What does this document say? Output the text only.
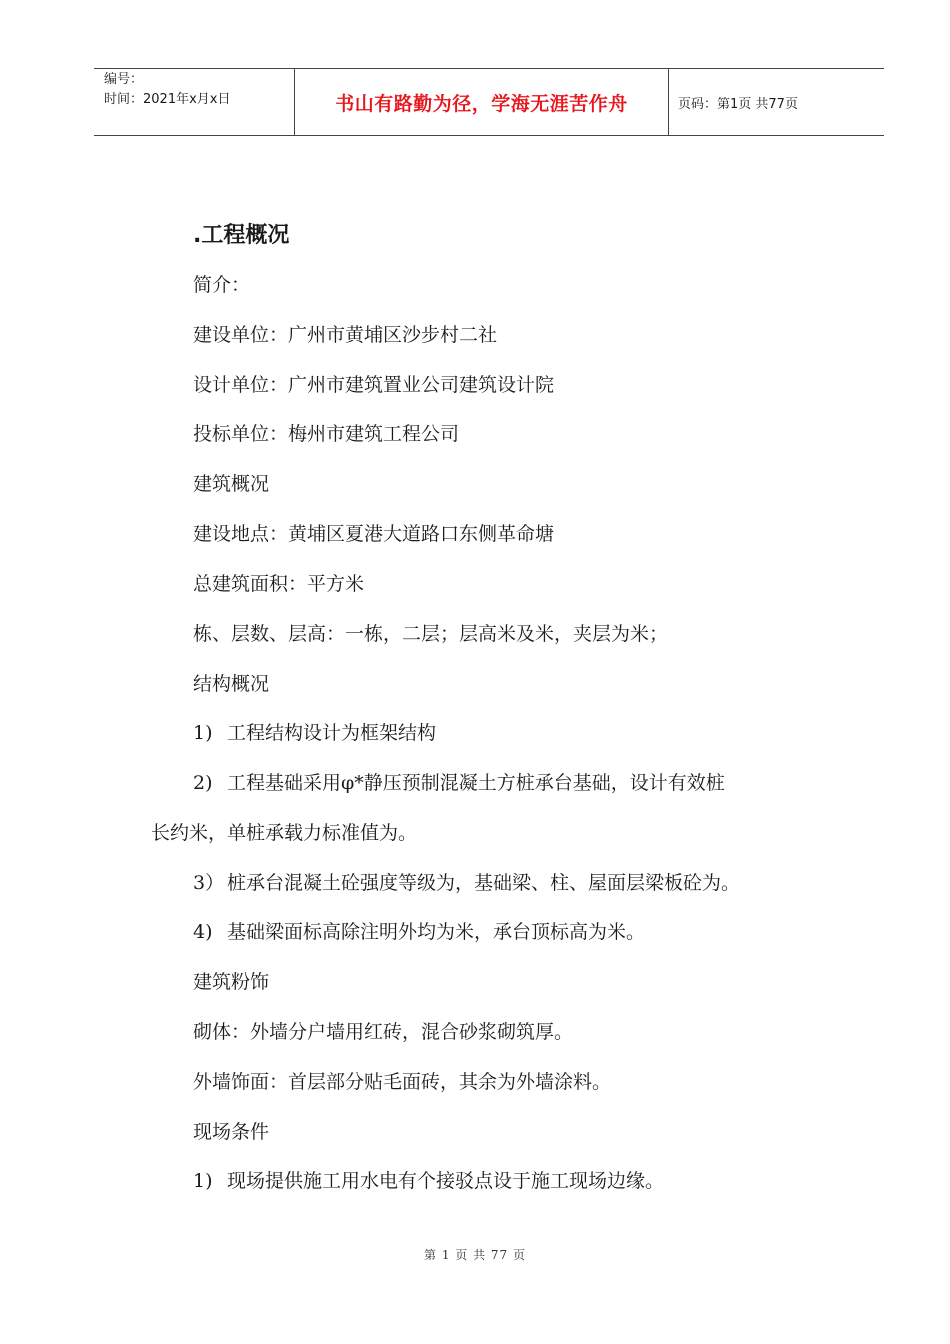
编号：
时间：2021年x月x日	书山有路勤为径，学海无涯苦作舟	页码：第1页 共77页
.工程概况
简介：
建设单位：广州市黄埔区沙步村二社
设计单位：广州市建筑置业公司建筑设计院
投标单位：梅州市建筑工程公司
建筑概况
建设地点：黄埔区夏港大道路口东侧革命塘
总建筑面积：平方米
栋、层数、层高：一栋，二层；层高米及米，夹层为米；
结构概况
1) 工程结构设计为框架结构
2) 工程基础采用φ*静压预制混凝土方桩承台基础，设计有效桩
长约米，单桩承载力标准值为。
3） 桩承台混凝土砼强度等级为，基础梁、柱、屋面层梁板砼为。
4) 基础梁面标高除注明外均为米，承台顶标高为米。
建筑粉饰
砌体：外墙分户墙用红砖，混合砂浆砌筑厚。
外墙饰面：首层部分贴毛面砖，其余为外墙涂料。
现场条件
1) 现场提供施工用水电有个接驳点设于施工现场边缘。
第 1 页 共 77 页
